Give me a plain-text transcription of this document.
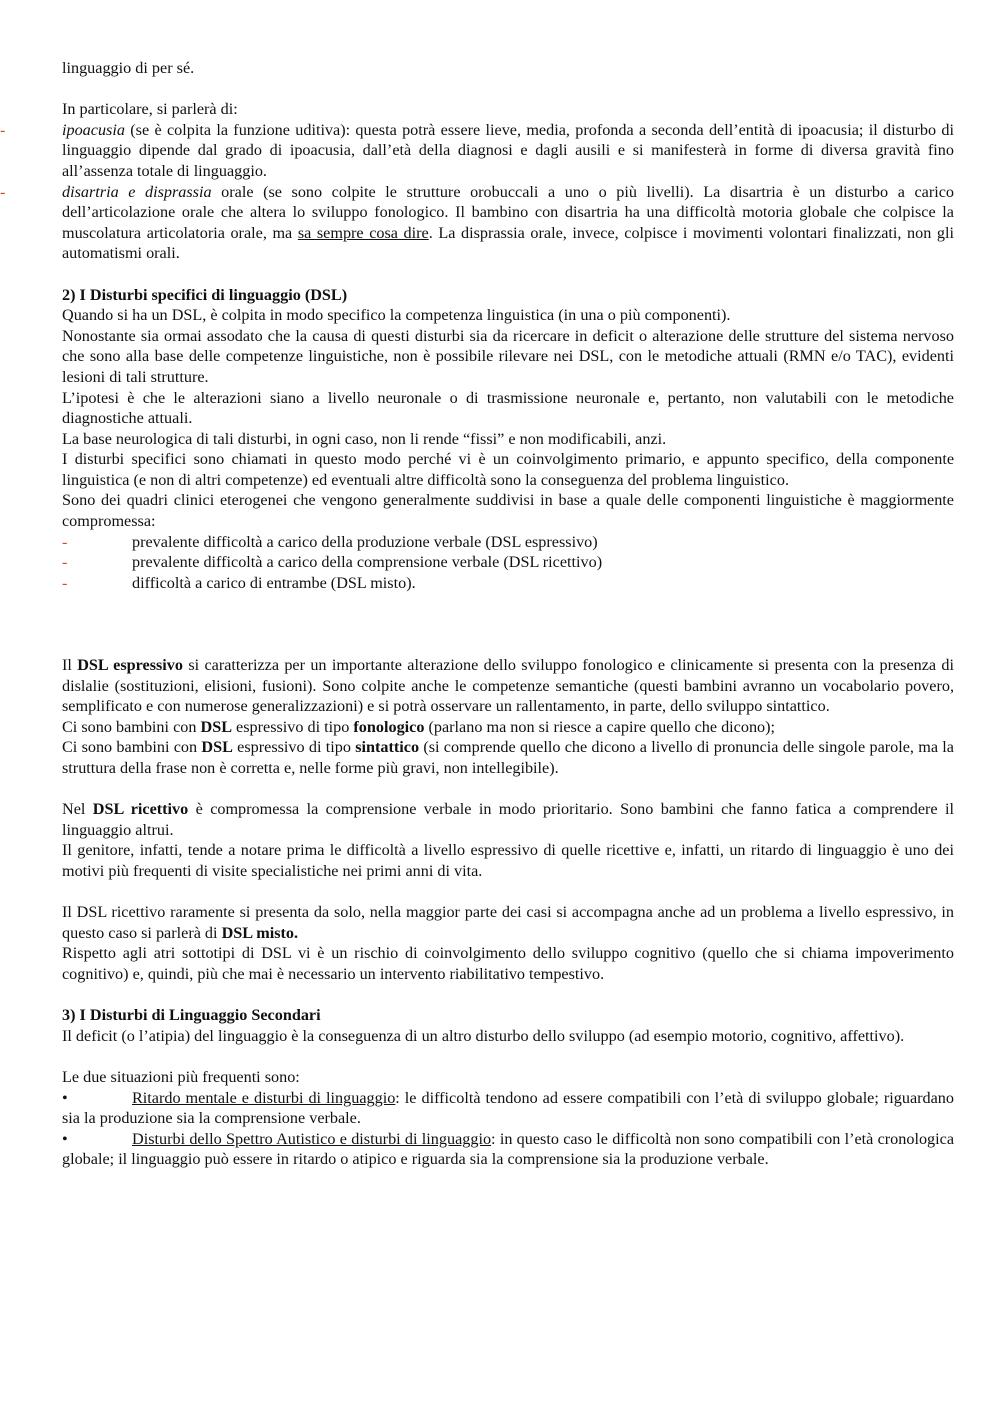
linguaggio di per sé.

In particolare, si parlerà di:

-	ipoacusia (se è colpita la funzione uditiva): questa potrà essere lieve, media, profonda a seconda dell’entità di ipoacusia; il disturbo di linguaggio dipende dal grado di ipoacusia, dall’età della diagnosi e dagli ausili e si manifesterà in forme di diversa gravità fino all’assenza totale di linguaggio.
-	disartria e disprassia orale (se sono colpite le strutture orobuccali a uno o più livelli). La disartria è un disturbo a carico dell’articolazione orale che altera lo sviluppo fonologico. Il bambino con disartria ha una difficoltà motoria globale che colpisce la muscolatura articolatoria orale, ma sa sempre cosa dire. La disprassia orale, invece, colpisce i movimenti volontari finalizzati, non gli automatismi orali.

2) I Disturbi specifici di linguaggio (DSL)

Quando si ha un DSL, è colpita in modo specifico la competenza linguistica (in una o più componenti).

Nonostante sia ormai assodato che la causa di questi disturbi sia da ricercare in deficit o alterazione delle strutture del sistema nervoso che sono alla base delle competenze linguistiche, non è possibile rilevare nei DSL, con le metodiche attuali (RMN e/o TAC), evidenti lesioni di tali strutture.

L’ipotesi è che le alterazioni siano a livello neuronale o di trasmissione neuronale e, pertanto, non valutabili con le metodiche diagnostiche attuali.

La base neurologica di tali disturbi, in ogni caso, non li rende “fissi” e non modificabili, anzi.

I disturbi specifici sono chiamati in questo modo perché vi è un coinvolgimento primario, e appunto specifico, della componente linguistica (e non di altri competenze) ed eventuali altre difficoltà sono la conseguenza del problema linguistico.

Sono dei quadri clinici eterogenei che vengono generalmente suddivisi in base a quale delle componenti linguistiche è maggiormente compromessa:

-	prevalente difficoltà a carico della produzione verbale (DSL espressivo)
-	prevalente difficoltà a carico della comprensione verbale (DSL ricettivo)
-	difficoltà a carico di entrambe (DSL misto).

Il DSL espressivo si caratterizza per un importante alterazione dello sviluppo fonologico e clinicamente si presenta con la presenza di dislalie (sostituzioni, elisioni, fusioni). Sono colpite anche le competenze semantiche (questi bambini avranno un vocabolario povero, semplificato e con numerose generalizzazioni) e si potrà osservare un rallentamento, in parte, dello sviluppo sintattico.

Ci sono bambini con DSL espressivo di tipo fonologico (parlano ma non si riesce a capire quello che dicono);

Ci sono bambini con DSL espressivo di tipo sintattico (si comprende quello che dicono a livello di pronuncia delle singole parole, ma la struttura della frase non è corretta e, nelle forme più gravi, non intellegibile).

Nel DSL ricettivo è compromessa la comprensione verbale in modo prioritario. Sono bambini che fanno fatica a comprendere il linguaggio altrui.

Il genitore, infatti, tende a notare prima le difficoltà a livello espressivo di quelle ricettive e, infatti, un ritardo di linguaggio è uno dei motivi più frequenti di visite specialistiche nei primi anni di vita.

Il DSL ricettivo raramente si presenta da solo, nella maggior parte dei casi si accompagna anche ad un problema a livello espressivo, in questo caso si parlerà di DSL misto.

Rispetto agli atri sottotipi di DSL vi è un rischio di coinvolgimento dello sviluppo cognitivo (quello che si chiama impoverimento cognitivo) e, quindi, più che mai è necessario un intervento riabilitativo tempestivo.

3) I Disturbi di Linguaggio Secondari

Il deficit (o l’atipia) del linguaggio è la conseguenza di un altro disturbo dello sviluppo (ad esempio motorio, cognitivo, affettivo).

Le due situazioni più frequenti sono:

•	Ritardo mentale e disturbi di linguaggio: le difficoltà tendono ad essere compatibili con l’età di sviluppo globale; riguardano sia la produzione sia la comprensione verbale.
•	Disturbi dello Spettro Autistico e disturbi di linguaggio: in questo caso le difficoltà non sono compatibili con l’età cronologica globale; il linguaggio può essere in ritardo o atipico e riguarda sia la comprensione sia la produzione verbale.
